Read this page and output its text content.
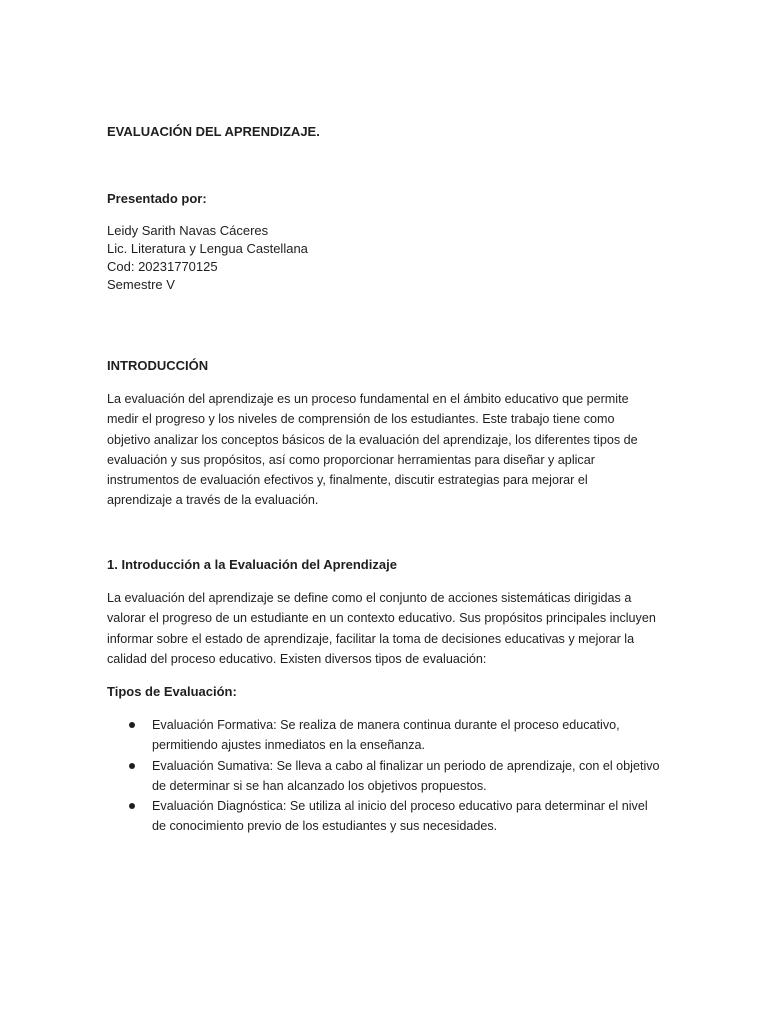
EVALUACIÓN DEL APRENDIZAJE.
Presentado por:
Leidy Sarith Navas Cáceres
Lic. Literatura y Lengua Castellana
Cod: 20231770125
Semestre V
INTRODUCCIÓN
La evaluación del aprendizaje es un proceso fundamental en el ámbito educativo que permite
medir el progreso y los niveles de comprensión de los estudiantes. Este trabajo tiene como
objetivo analizar los conceptos básicos de la evaluación del aprendizaje, los diferentes tipos de
evaluación y sus propósitos, así como proporcionar herramientas para diseñar y aplicar
instrumentos de evaluación efectivos y, finalmente, discutir estrategias para mejorar el
aprendizaje a través de la evaluación.
1. Introducción a la Evaluación del Aprendizaje
La evaluación del aprendizaje se define como el conjunto de acciones sistemáticas dirigidas a
valorar el progreso de un estudiante en un contexto educativo. Sus propósitos principales incluyen
informar sobre el estado de aprendizaje, facilitar la toma de decisiones educativas y mejorar la
calidad del proceso educativo. Existen diversos tipos de evaluación:
Tipos de Evaluación:
Evaluación Formativa: Se realiza de manera continua durante el proceso educativo,
permitiendo ajustes inmediatos en la enseñanza.
Evaluación Sumativa: Se lleva a cabo al finalizar un periodo de aprendizaje, con el objetivo
de determinar si se han alcanzado los objetivos propuestos.
Evaluación Diagnóstica: Se utiliza al inicio del proceso educativo para determinar el nivel
de conocimiento previo de los estudiantes y sus necesidades.
